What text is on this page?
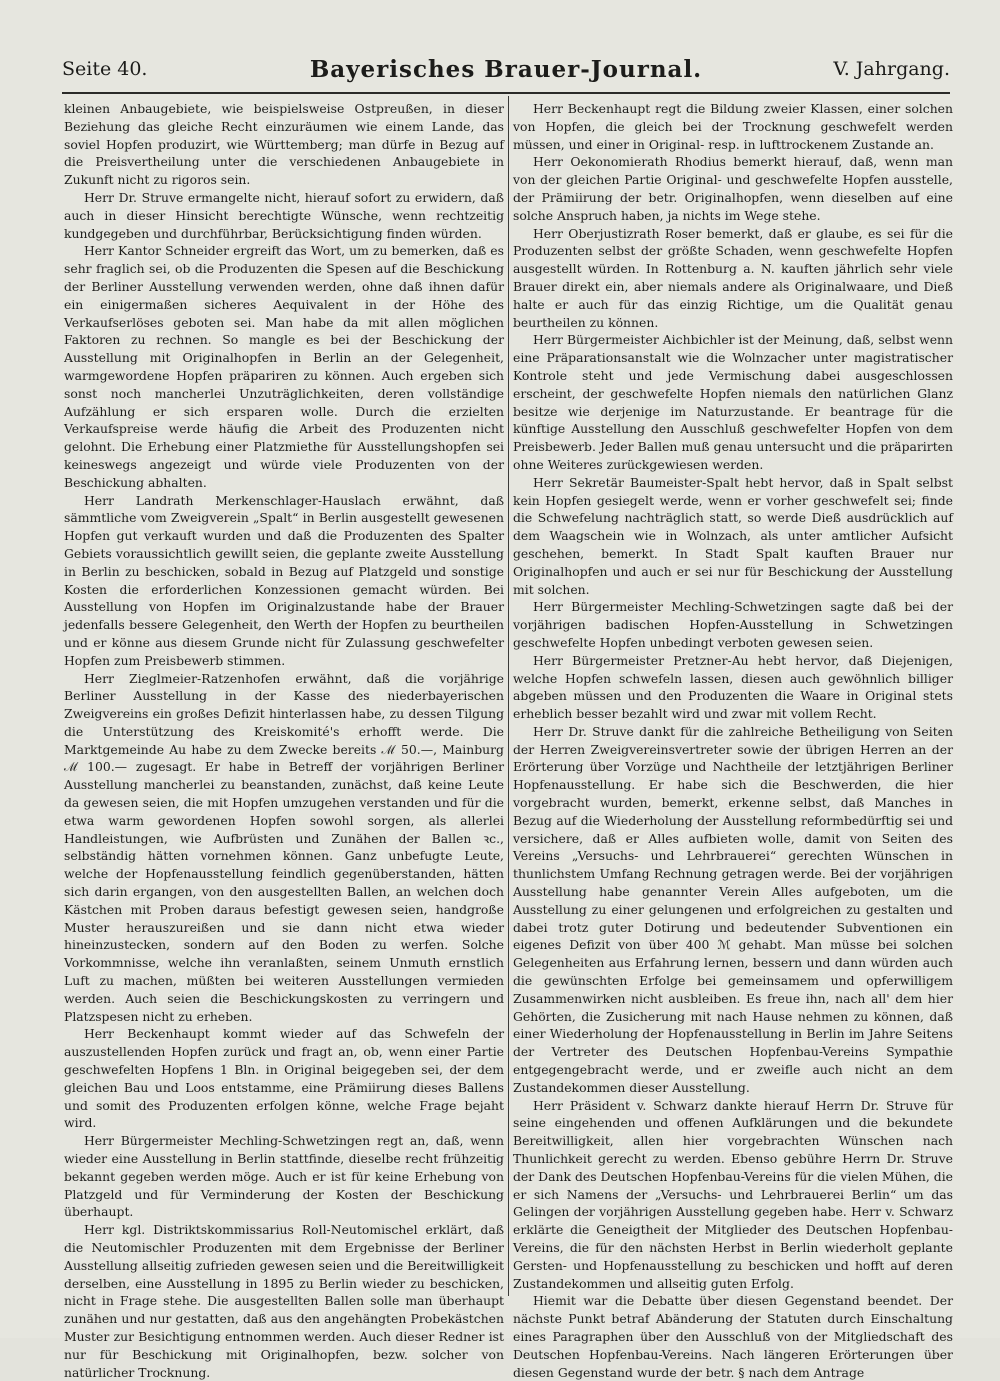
Seite 40.	Bayerisches Brauer-Journal.	V. Jahrgang.

kleinen Anbaugebiete, wie beispielsweise Ostpreußen, in dieser Beziehung das gleiche Recht einzuräumen wie einem Lande, das soviel Hopfen produzirt, wie Württemberg; man dürfe in Bezug auf die Preisvertheilung unter die verschiedenen Anbaugebiete in Zukunft nicht zu rigoros sein.

Herr Dr. Struve ermangelte nicht, hierauf sofort zu erwidern, daß auch in dieser Hinsicht berechtigte Wünsche, wenn rechtzeitig kundgegeben und durchführbar, Berücksichtigung finden würden.

Herr Kantor Schneider ergreift das Wort, um zu bemerken, daß es sehr fraglich sei, ob die Produzenten die Spesen auf die Beschickung der Berliner Ausstellung verwenden werden, ohne daß ihnen dafür ein einigermaßen sicheres Aequivalent in der Höhe des Verkaufserlöses geboten sei. Man habe da mit allen möglichen Faktoren zu rechnen. So mangle es bei der Beschickung der Ausstellung mit Originalhopfen in Berlin an der Gelegenheit, warmgewordene Hopfen präpariren zu können. Auch ergeben sich sonst noch mancherlei Unzuträglichkeiten, deren vollständige Aufzählung er sich ersparen wolle. Durch die erzielten Verkaufspreise werde häufig die Arbeit des Produzenten nicht gelohnt. Die Erhebung einer Platzmiethe für Ausstellungshopfen sei keineswegs angezeigt und würde viele Produzenten von der Beschickung abhalten.

Herr Landrath Merkenschlager-Hauslach erwähnt, daß sämmtliche vom Zweigverein „Spalt“ in Berlin ausgestellt gewesenen Hopfen gut verkauft wurden und daß die Produzenten des Spalter Gebiets voraussichtlich gewillt seien, die geplante zweite Ausstellung in Berlin zu beschicken, sobald in Bezug auf Platzgeld und sonstige Kosten die erforderlichen Konzessionen gemacht würden. Bei Ausstellung von Hopfen im Originalzustande habe der Brauer jedenfalls bessere Gelegenheit, den Werth der Hopfen zu beurtheilen und er könne aus diesem Grunde nicht für Zulassung geschwefelter Hopfen zum Preisbewerb stimmen.

Herr Zieglmeier-Ratzenhofen erwähnt, daß die vorjährige Berliner Ausstellung in der Kasse des niederbayerischen Zweigvereins ein großes Defizit hinterlassen habe, zu dessen Tilgung die Unterstützung des Kreiskomité's erhofft werde. Die Marktgemeinde Au habe zu dem Zwecke bereits ℳ 50.—, Mainburg ℳ 100.— zugesagt. Er habe in Betreff der vorjährigen Berliner Ausstellung mancherlei zu beanstanden, zunächst, daß keine Leute da gewesen seien, die mit Hopfen umzugehen verstanden und für die etwa warm gewordenen Hopfen sowohl sorgen, als allerlei Handleistungen, wie Aufbrüsten und Zunähen der Ballen ꝛc., selbständig hätten vornehmen können. Ganz unbefugte Leute, welche der Hopfenausstellung feindlich gegenüberstanden, hätten sich darin ergangen, von den ausgestellten Ballen, an welchen doch Kästchen mit Proben daraus befestigt gewesen seien, handgroße Muster herauszureißen und sie dann nicht etwa wieder hineinzustecken, sondern auf den Boden zu werfen. Solche Vorkommnisse, welche ihn veranlaßten, seinem Unmuth ernstlich Luft zu machen, müßten bei weiteren Ausstellungen vermieden werden. Auch seien die Beschickungskosten zu verringern und Platzspesen nicht zu erheben.

Herr Beckenhaupt kommt wieder auf das Schwefeln der auszustellenden Hopfen zurück und fragt an, ob, wenn einer Partie geschwefelten Hopfens 1 Bln. in Original beigegeben sei, der dem gleichen Bau und Loos entstamme, eine Prämiirung dieses Ballens und somit des Produzenten erfolgen könne, welche Frage bejaht wird.

Herr Bürgermeister Mechling-Schwetzingen regt an, daß, wenn wieder eine Ausstellung in Berlin stattfinde, dieselbe recht frühzeitig bekannt gegeben werden möge. Auch er ist für keine Erhebung von Platzgeld und für Verminderung der Kosten der Beschickung überhaupt.

Herr kgl. Distriktskommissarius Roll-Neutomischel erklärt, daß die Neutomischler Produzenten mit dem Ergebnisse der Berliner Ausstellung allseitig zufrieden gewesen seien und die Bereitwilligkeit derselben, eine Ausstellung in 1895 zu Berlin wieder zu beschicken, nicht in Frage stehe. Die ausgestellten Ballen solle man überhaupt zunähen und nur gestatten, daß aus den angehängten Probekästchen Muster zur Besichtigung entnommen werden. Auch dieser Redner ist nur für Beschickung mit Originalhopfen, bezw. solcher von natürlicher Trocknung.

Herr Beckenhaupt regt die Bildung zweier Klassen, einer solchen von Hopfen, die gleich bei der Trocknung geschwefelt werden müssen, und einer in Original- resp. in lufttrockenem Zustande an.

Herr Oekonomierath Rhodius bemerkt hierauf, daß, wenn man von der gleichen Partie Original- und geschwefelte Hopfen ausstelle, der Prämiirung der betr. Originalhopfen, wenn dieselben auf eine solche Anspruch haben, ja nichts im Wege stehe.

Herr Oberjustizrath Roser bemerkt, daß er glaube, es sei für die Produzenten selbst der größte Schaden, wenn geschwefelte Hopfen ausgestellt würden. In Rottenburg a. N. kauften jährlich sehr viele Brauer direkt ein, aber niemals andere als Originalwaare, und Dieß halte er auch für das einzig Richtige, um die Qualität genau beurtheilen zu können.

Herr Bürgermeister Aichbichler ist der Meinung, daß, selbst wenn eine Präparationsanstalt wie die Wolnzacher unter magistratischer Kontrole steht und jede Vermischung dabei ausgeschlossen erscheint, der geschwefelte Hopfen niemals den natürlichen Glanz besitze wie derjenige im Naturzustande. Er beantrage für die künftige Ausstellung den Ausschluß geschwefelter Hopfen von dem Preisbewerb. Jeder Ballen muß genau untersucht und die präparirten ohne Weiteres zurückgewiesen werden.

Herr Sekretär Baumeister-Spalt hebt hervor, daß in Spalt selbst kein Hopfen gesiegelt werde, wenn er vorher geschwefelt sei; finde die Schwefelung nachträglich statt, so werde Dieß ausdrücklich auf dem Waagschein wie in Wolnzach, als unter amtlicher Aufsicht geschehen, bemerkt. In Stadt Spalt kauften Brauer nur Originalhopfen und auch er sei nur für Beschickung der Ausstellung mit solchen.

Herr Bürgermeister Mechling-Schwetzingen sagte daß bei der vorjährigen badischen Hopfen-Ausstellung in Schwetzingen geschwefelte Hopfen unbedingt verboten gewesen seien.

Herr Bürgermeister Pretzner-Au hebt hervor, daß Diejenigen, welche Hopfen schwefeln lassen, diesen auch gewöhnlich billiger abgeben müssen und den Produzenten die Waare in Original stets erheblich besser bezahlt wird und zwar mit vollem Recht.

Herr Dr. Struve dankt für die zahlreiche Betheiligung von Seiten der Herren Zweigvereinsvertreter sowie der übrigen Herren an der Erörterung über Vorzüge und Nachtheile der letztjährigen Berliner Hopfenausstellung. Er habe sich die Beschwerden, die hier vorgebracht wurden, bemerkt, erkenne selbst, daß Manches in Bezug auf die Wiederholung der Ausstellung reformbedürftig sei und versichere, daß er Alles aufbieten wolle, damit von Seiten des Vereins „Versuchs- und Lehrbrauerei“ gerechten Wünschen in thunlichstem Umfang Rechnung getragen werde. Bei der vorjährigen Ausstellung habe genannter Verein Alles aufgeboten, um die Ausstellung zu einer gelungenen und erfolgreichen zu gestalten und dabei trotz guter Dotirung und bedeutender Subventionen ein eigenes Defizit von über 400 ℳ gehabt. Man müsse bei solchen Gelegenheiten aus Erfahrung lernen, bessern und dann würden auch die gewünschten Erfolge bei gemeinsamem und opferwilligem Zusammenwirken nicht ausbleiben. Es freue ihn, nach all' dem hier Gehörten, die Zusicherung mit nach Hause nehmen zu können, daß einer Wiederholung der Hopfenausstellung in Berlin im Jahre Seitens der Vertreter des Deutschen Hopfenbau-Vereins Sympathie entgegengebracht werde, und er zweifle auch nicht an dem Zustandekommen dieser Ausstellung.

Herr Präsident v. Schwarz dankte hierauf Herrn Dr. Struve für seine eingehenden und offenen Aufklärungen und die bekundete Bereitwilligkeit, allen hier vorgebrachten Wünschen nach Thunlichkeit gerecht zu werden. Ebenso gebühre Herrn Dr. Struve der Dank des Deutschen Hopfenbau-Vereins für die vielen Mühen, die er sich Namens der „Versuchs- und Lehrbrauerei Berlin“ um das Gelingen der vorjährigen Ausstellung gegeben habe. Herr v. Schwarz erklärte die Geneigtheit der Mitglieder des Deutschen Hopfenbau-Vereins, die für den nächsten Herbst in Berlin wiederholt geplante Gersten- und Hopfenausstellung zu beschicken und hofft auf deren Zustandekommen und allseitig guten Erfolg.

Hiemit war die Debatte über diesen Gegenstand beendet. Der nächste Punkt betraf Abänderung der Statuten durch Einschaltung eines Paragraphen über den Ausschluß von der Mitgliedschaft des Deutschen Hopfenbau-Vereins. Nach längeren Erörterungen über diesen Gegenstand wurde der betr. § nach dem Antrage
